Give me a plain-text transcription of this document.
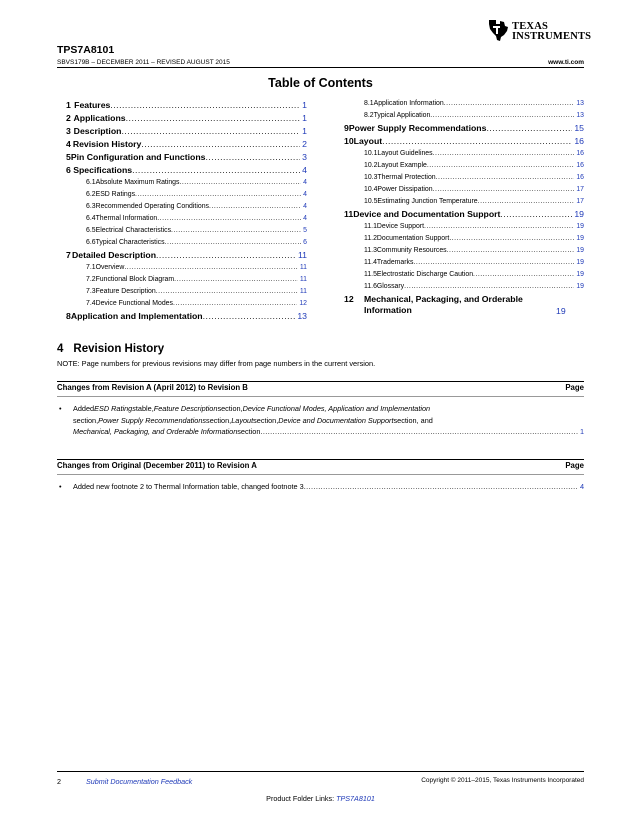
TPS7A8101
SBVS179B – DECEMBER 2011 – REVISED AUGUST 2015	www.ti.com
TEXAS
INSTRUMENTS
Table of Contents
1 Features .....	1
2 Applications .....	1
3 Description .....	1
4 Revision History .....	2
5 Pin Configuration and Functions .....	3
6 Specifications .....	4
6.1 Absolute Maximum Ratings .....	4
6.2 ESD Ratings .....	4
6.3 Recommended Operating Conditions .....	4
6.4 Thermal Information .....	4
6.5 Electrical Characteristics .....	5
6.6 Typical Characteristics .....	6
7 Detailed Description .....	11
7.1 Overview .....	11
7.2 Functional Block Diagram .....	11
7.3 Feature Description .....	11
7.4 Device Functional Modes .....	12
8 Application and Implementation .....	13
8.1 Application Information .....	13
8.2 Typical Application .....	13
9 Power Supply Recommendations .....	15
10 Layout .....	16
10.1 Layout Guidelines .....	16
10.2 Layout Example .....	16
10.3 Thermal Protection .....	16
10.4 Power Dissipation .....	17
10.5 Estimating Junction Temperature .....	17
11 Device and Documentation Support .....	19
11.1 Device Support .....	19
11.2 Documentation Support .....	19
11.3 Community Resources .....	19
11.4 Trademarks .....	19
11.5 Electrostatic Discharge Caution .....	19
11.6 Glossary .....	19
12	Mechanical, Packaging, and Orderable Information	19
4 Revision History
NOTE: Page numbers for previous revisions may differ from page numbers in the current version.
Changes from Revision A (April 2012) to Revision B	Page
• Added ESD Ratings table, Feature Description section, Device Functional Modes, Application and Implementation
section, Power Supply Recommendations section, Layout section, Device and Documentation Support section, and
Mechanical, Packaging, and Orderable Information section .....	1
Changes from Original (December 2011) to Revision A	Page
• Added new footnote 2 to Thermal Information table, changed footnote 3 .....	4
2	Submit Documentation Feedback	Copyright © 2011–2015, Texas Instruments Incorporated
Product Folder Links: TPS7A8101
